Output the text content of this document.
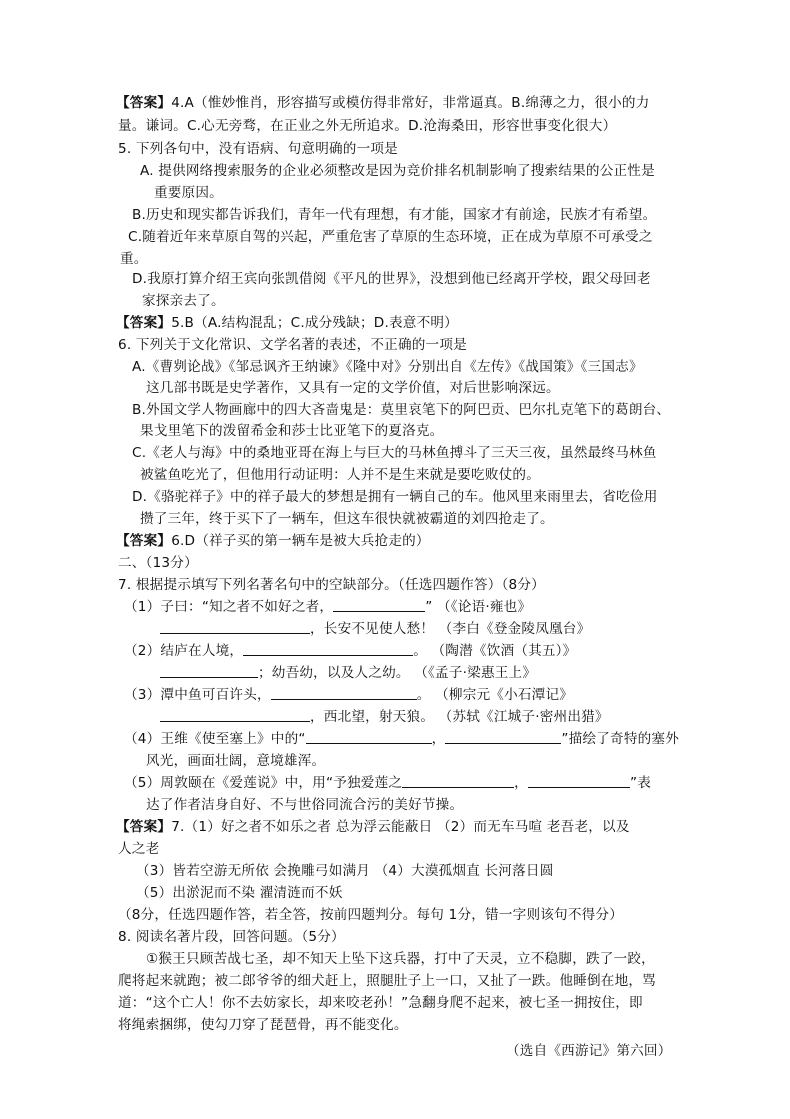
【答案】4.A（惟妙惟肖，形容描写或模仿得非常好，非常逼真。B.绵薄之力，很小的力
量。谦词。C.心无旁骛，在正业之外无所追求。D.沧海桑田，形容世事变化很大）
5. 下列各句中，没有语病、句意明确的一项是
A. 提供网络搜索服务的企业必须整改是因为竞价排名机制影响了搜索结果的公正性是
重要原因。
B.历史和现实都告诉我们，青年一代有理想，有才能，国家才有前途，民族才有希望。
C.随着近年来草原自驾的兴起，严重危害了草原的生态环境，正在成为草原不可承受之
重。
D.我原打算介绍王宾向张凯借阅《平凡的世界》，没想到他已经离开学校，跟父母回老
家探亲去了。
【答案】5.B（A.结构混乱；C.成分残缺；D.表意不明）
6. 下列关于文化常识、文学名著的表述，不正确的一项是
A.《曹刿论战》《邹忌讽齐王纳谏》《隆中对》分别出自《左传》《战国策》《三国志》
这几部书既是史学著作，又具有一定的文学价值，对后世影响深远。
B.外国文学人物画廊中的四大吝啬鬼是：莫里哀笔下的阿巴贡、巴尔扎克笔下的葛朗台、
果戈里笔下的泼留希金和莎士比亚笔下的夏洛克。
C.《老人与海》中的桑地亚哥在海上与巨大的马林鱼搏斗了三天三夜，虽然最终马林鱼
被鲨鱼吃光了，但他用行动证明：人并不是生来就是要吃败仗的。
D.《骆驼祥子》中的祥子最大的梦想是拥有一辆自己的车。他风里来雨里去，省吃俭用
攒了三年，终于买下了一辆车，但这车很快就被霸道的刘四抢走了。
【答案】6.D（祥子买的第一辆车是被大兵抢走的）
二、（13分）
7. 根据提示填写下列名著名句中的空缺部分。（任选四题作答）（8分）
（1）子曰：“知之者不如好之者，	” （《论语·雍也》
，长安不见使人愁！ （李白《登金陵凤凰台》
（2）结庐在人境，	。 （陶潜《饮酒（其五）》
；幼吾幼，以及人之幼。 （《孟子·梁惠王上》
（3）潭中鱼可百许头，	。 （柳宗元《小石潭记》
，西北望，射天狼。 （苏轼《江城子·密州出猎》
（4）王维《使至塞上》中的“	，	”描绘了奇特的塞外
风光，画面壮阔，意境雄浑。
（5）周敦颐在《爱莲说》中，用“予独爱莲之	，	”表
达了作者洁身自好、不与世俗同流合污的美好节操。
【答案】7.（1）好之者不如乐之者 总为浮云能蔽日 （2）而无车马喧 老吾老，以及
人之老
（3）皆若空游无所依 会挽雕弓如满月 （4）大漠孤烟直 长河落日圆
（5）出淤泥而不染 濯清涟而不妖
（8分，任选四题作答，若全答，按前四题判分。每句 1分，错一字则该句不得分）
8. 阅读名著片段，回答问题。（5分）
①猴王只顾苦战七圣，却不知天上坠下这兵器，打中了天灵，立不稳脚，跌了一跤，
爬将起来就跑；被二郎爷爷的细犬赶上，照腿肚子上一口，又扯了一跌。他睡倒在地，骂
道：“这个亡人！你不去妨家长，却来咬老孙！”急翻身爬不起来，被七圣一拥按住，即
将绳索捆绑，使勾刀穿了琵琶骨，再不能变化。
（选自《西游记》第六回）
